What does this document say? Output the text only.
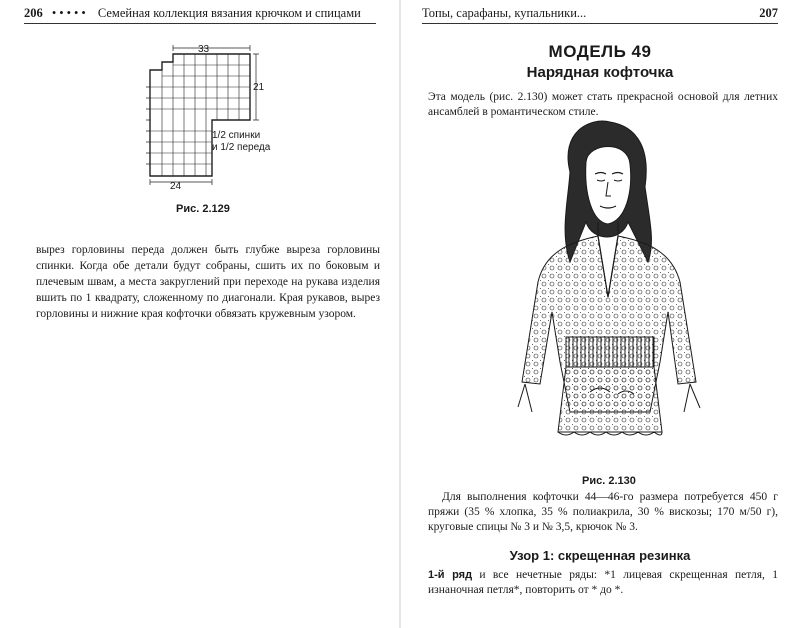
206 ••••• Семейная коллекция вязания крючком и спицами
33
21
24
1/2 спинки
и 1/2 переда
Рис. 2.129

вырез горловины переда должен быть глубже выреза горловины спинки. Когда обе детали будут собраны, сшить их по боковым и плечевым швам, а места закруглений при переходе на рукава изделия вшить по 1 квадрату, сложенному по диагонали. Края рукавов, вырез горловины и нижние края кофточки обвязать кружевным узором.

Топы, сарафаны, купальники...	207
МОДЕЛЬ 49
Нарядная кофточка

Эта модель (рис. 2.130) может стать прекрасной основой для летних ансамблей в романтическом стиле.

Рис. 2.130

Для выполнения кофточки 44—46-го размера потребуется 450 г пряжи (35 % хлопка, 35 % полиакрила, 30 % вискозы; 170 м/50 г), круговые спицы № 3 и № 3,5, крючок № 3.

Узор 1: скрещенная резинка

1-й ряд и все нечетные ряды: *1 лицевая скрещенная петля, 1 изнаночная петля*, повторить от * до *.
